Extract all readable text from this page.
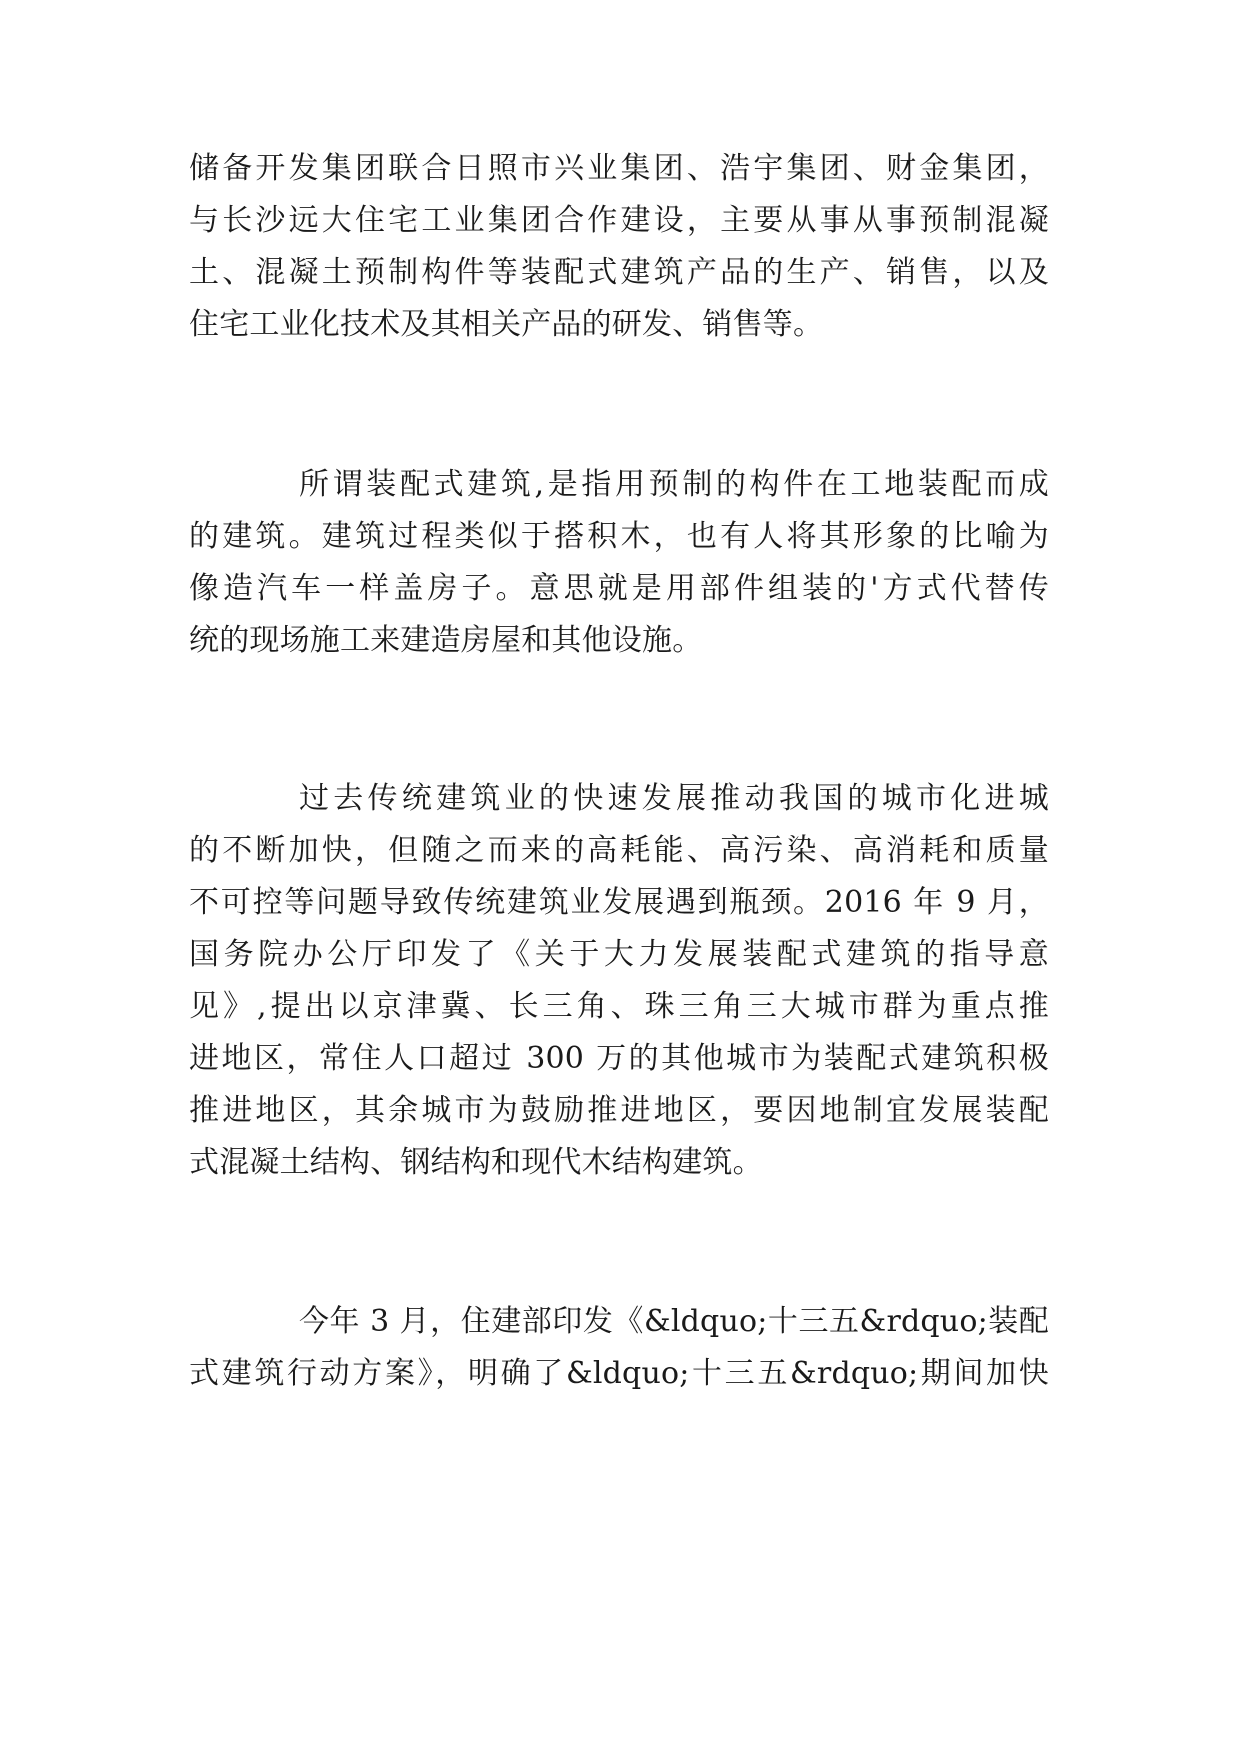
储备开发集团联合日照市兴业集团、浩宇集团、财金集团，
与长沙远大住宅工业集团合作建设，主要从事从事预制混凝
土、混凝土预制构件等装配式建筑产品的生产、销售，以及
住宅工业化技术及其相关产品的研发、销售等。
所谓装配式建筑,是指用预制的构件在工地装配而成
的建筑。建筑过程类似于搭积木，也有人将其形象的比喻为
像造汽车一样盖房子。意思就是用部件组装的'方式代替传
统的现场施工来建造房屋和其他设施。
过去传统建筑业的快速发展推动我国的城市化进城
的不断加快，但随之而来的高耗能、高污染、高消耗和质量
不可控等问题导致传统建筑业发展遇到瓶颈。2016 年 9 月，
国务院办公厅印发了《关于大力发展装配式建筑的指导意
见》,提出以京津冀、长三角、珠三角三大城市群为重点推
进地区，常住人口超过 300 万的其他城市为装配式建筑积极
推进地区，其余城市为鼓励推进地区，要因地制宜发展装配
式混凝土结构、钢结构和现代木结构建筑。
今年 3 月，住建部印发《&ldquo;十三五&rdquo;装配
式建筑行动方案》，明确了&ldquo;十三五&rdquo;期间加快
